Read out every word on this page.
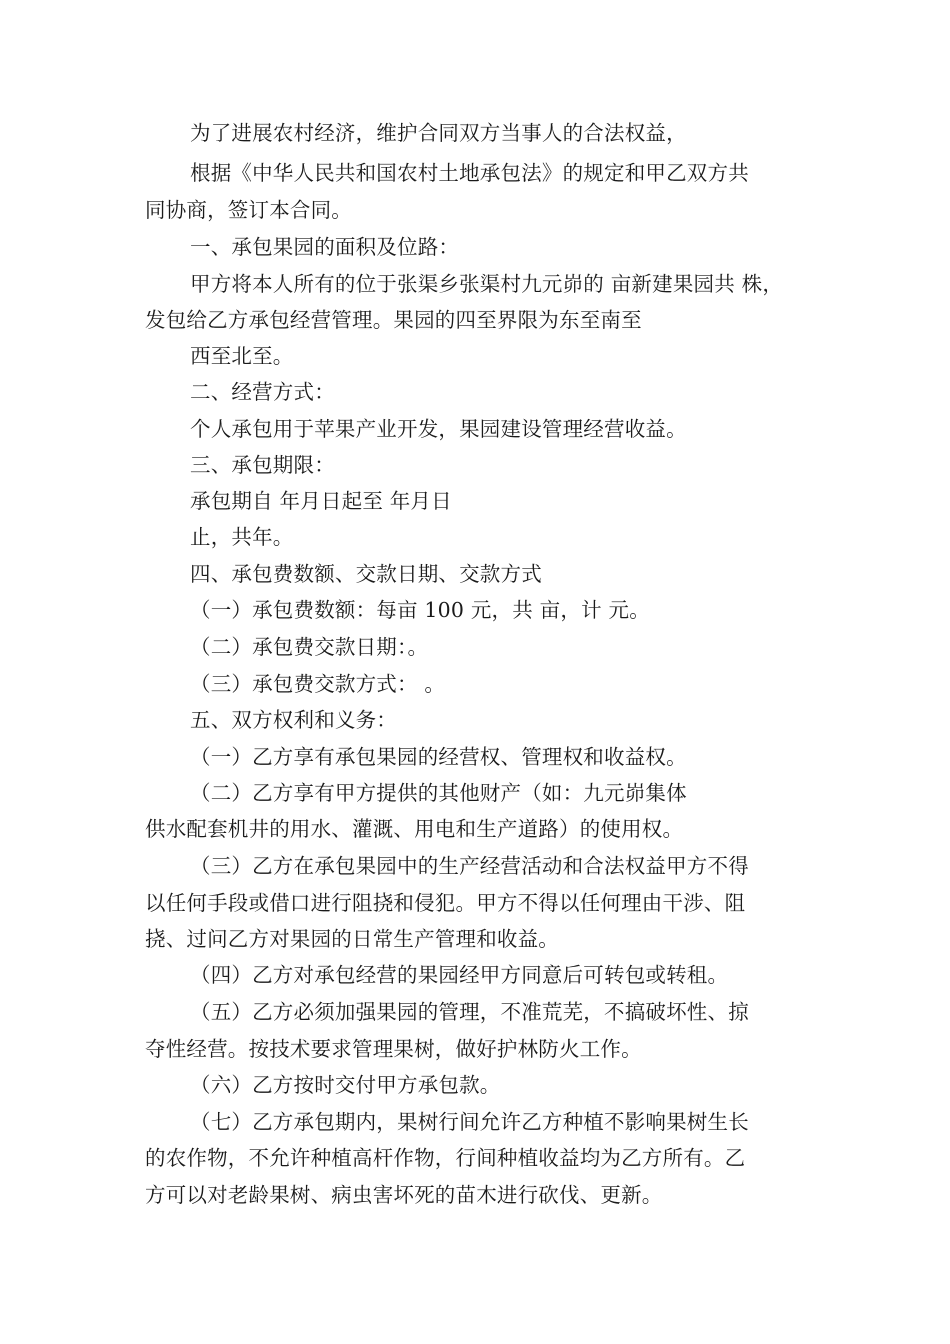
为了进展农村经济，维护合同双方当事人的合法权益，
根据《中华人民共和国农村土地承包法》的规定和甲乙双方共
同协商，签订本合同。
一、承包果园的面积及位路：
甲方将本人所有的位于张渠乡张渠村九元峁的 亩新建果园共 株，
发包给乙方承包经营管理。果园的四至界限为东至南至
西至北至。
二、经营方式：
个人承包用于苹果产业开发，果园建设管理经营收益。
三、承包期限：
承包期自 年月日起至 年月日
止，共年。
四、承包费数额、交款日期、交款方式
（一）承包费数额：每亩 100 元，共 亩，计 元。
（二）承包费交款日期：。
（三）承包费交款方式： 。
五、双方权利和义务：
（一）乙方享有承包果园的经营权、管理权和收益权。
（二）乙方享有甲方提供的其他财产（如：九元峁集体
供水配套机井的用水、灌溉、用电和生产道路）的使用权。
（三）乙方在承包果园中的生产经营活动和合法权益甲方不得
以任何手段或借口进行阻挠和侵犯。甲方不得以任何理由干涉、阻
挠、过问乙方对果园的日常生产管理和收益。
（四）乙方对承包经营的果园经甲方同意后可转包或转租。
（五）乙方必须加强果园的管理，不准荒芜，不搞破坏性、掠
夺性经营。按技术要求管理果树，做好护林防火工作。
（六）乙方按时交付甲方承包款。
（七）乙方承包期内，果树行间允许乙方种植不影响果树生长
的农作物，不允许种植高杆作物，行间种植收益均为乙方所有。乙
方可以对老龄果树、病虫害坏死的苗木进行砍伐、更新。
